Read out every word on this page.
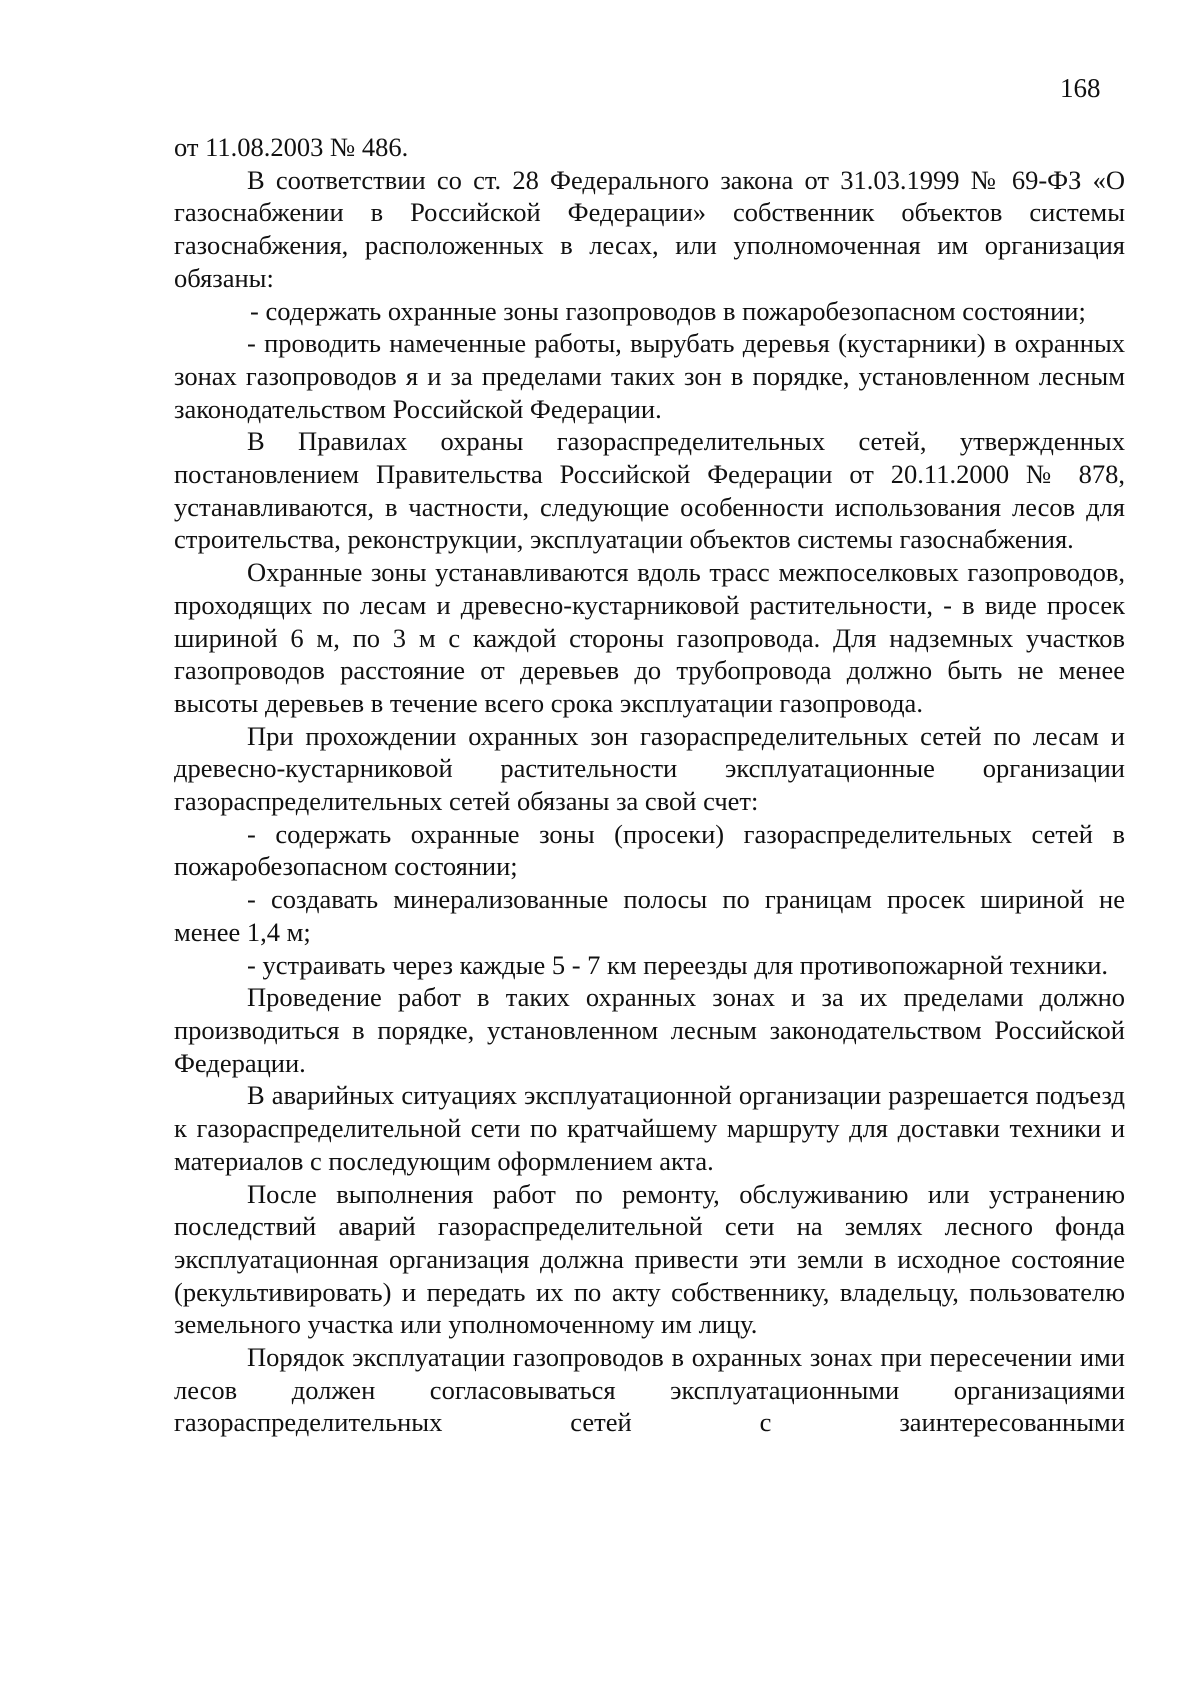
168

от 11.08.2003 № 486.

В соответствии со ст. 28 Федерального закона от 31.03.1999 № 69-ФЗ «О газоснабжении в Российской Федерации» собственник объектов системы газоснабжения, расположенных в лесах, или уполномоченная им организация обязаны:

- содержать охранные зоны газопроводов в пожаробезопасном состоянии;

- проводить намеченные работы, вырубать деревья (кустарники) в охранных зонах газопроводов я и за пределами таких зон в порядке, установленном лесным законодательством Российской Федерации.

В Правилах охраны газораспределительных сетей, утвержденных постановлением Правительства Российской Федерации от 20.11.2000 № 878, устанавливаются, в частности, следующие особенности использования лесов для строительства, реконструкции, эксплуатации объектов системы газоснабжения.

Охранные зоны устанавливаются вдоль трасс межпоселковых газопроводов, проходящих по лесам и древесно-кустарниковой растительности, - в виде просек шириной 6 м, по 3 м с каждой стороны газопровода. Для надземных участков газопроводов расстояние от деревьев до трубопровода должно быть не менее высоты деревьев в течение всего срока эксплуатации газопровода.

При прохождении охранных зон газораспределительных сетей по лесам и древесно-кустарниковой растительности эксплуатационные организации газораспределительных сетей обязаны за свой счет:

- содержать охранные зоны (просеки) газораспределительных сетей в пожаробезопасном состоянии;

- создавать минерализованные полосы по границам просек шириной не менее 1,4 м;

- устраивать через каждые 5 - 7 км переезды для противопожарной техники.

Проведение работ в таких охранных зонах и за их пределами должно производиться в порядке, установленном лесным законодательством Российской Федерации.

В аварийных ситуациях эксплуатационной организации разрешается подъезд к газораспределительной сети по кратчайшему маршруту для доставки техники и материалов с последующим оформлением акта.

После выполнения работ по ремонту, обслуживанию или устранению последствий аварий газораспределительной сети на землях лесного фонда эксплуатационная организация должна привести эти земли в исходное состояние (рекультивировать) и передать их по акту собственнику, владельцу, пользователю земельного участка или уполномоченному им лицу.

Порядок эксплуатации газопроводов в охранных зонах при пересечении ими лесов должен согласовываться эксплуатационными организациями газораспределительных сетей с заинтересованными
